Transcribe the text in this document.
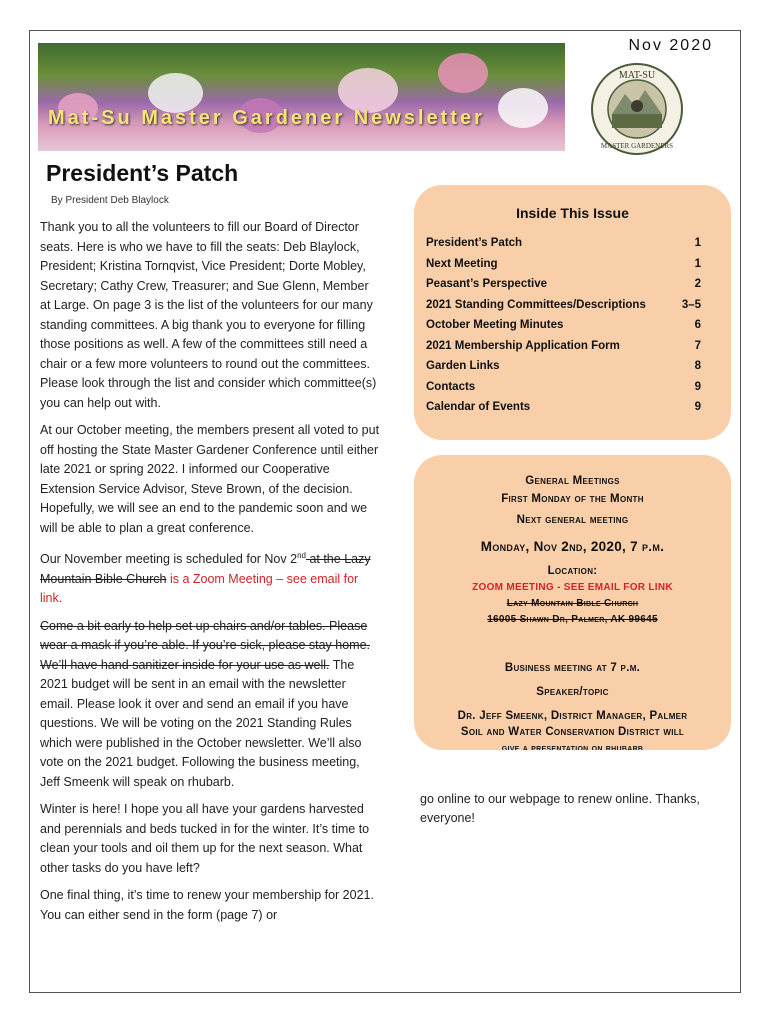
Nov 2020
Mat-Su Master Gardener Newsletter
MAT-SU
MASTER GARDENERS
President’s Patch
By President Deb Blaylock

Thank you to all the volunteers to fill our Board of Director seats. Here is who we have to fill the seats: Deb Blaylock, President; Kristina Tornqvist, Vice President; Dorte Mobley, Secretary; Cathy Crew, Treasurer; and Sue Glenn, Member at Large. On page 3 is the list of the volunteers for our many standing committees. A big thank you to everyone for filling those positions as well. A few of the committees still need a chair or a few more volunteers to round out the committees. Please look through the list and consider which committee(s) you can help out with.

At our October meeting, the members present all voted to put off hosting the State Master Gardener Conference until either late 2021 or spring 2022. I informed our Cooperative Extension Service Advisor, Steve Brown, of the decision. Hopefully, we will see an end to the pandemic soon and we will be able to plan a great conference.

Our November meeting is scheduled for Nov 2nd at the Lazy Mountain Bible Church is a Zoom Meeting – see email for link.

Come a bit early to help set up chairs and/or tables. Please wear a mask if you’re able. If you’re sick, please stay home. We’ll have hand sanitizer inside for your use as well. The 2021 budget will be sent in an email with the newsletter email. Please look it over and send an email if you have questions. We will be voting on the 2021 Standing Rules which were published in the October newsletter. We’ll also vote on the 2021 budget. Following the business meeting, Jeff Smeenk will speak on rhubarb.

Winter is here! I hope you all have your gardens harvested and perennials and beds tucked in for the winter. It’s time to clean your tools and oil them up for the next season. What other tasks do you have left?

One final thing, it’s time to renew your membership for 2021. You can either send in the form (page 7) or

Inside This Issue
President’s Patch	1
Next Meeting	1
Peasant’s Perspective	2
2021 Standing Committees/Descriptions	3–5
October Meeting Minutes	6
2021 Membership Application Form	7
Garden Links	8
Contacts	9
Calendar of Events	9
General Meetings
First Monday of the Month
Next general meeting
Monday, Nov 2nd, 2020, 7 p.m.
Location:
ZOOM MEETING - SEE EMAIL FOR LINK
Lazy Mountain Bible Church
16005 Shawn Dr, Palmer, AK 99645
Business meeting at 7 p.m.
Speaker/topic
Dr. Jeff Smeenk, District Manager, Palmer
Soil and Water Conservation District will
give a presentation on rhubarb
go online to our webpage to renew online. Thanks, everyone!
